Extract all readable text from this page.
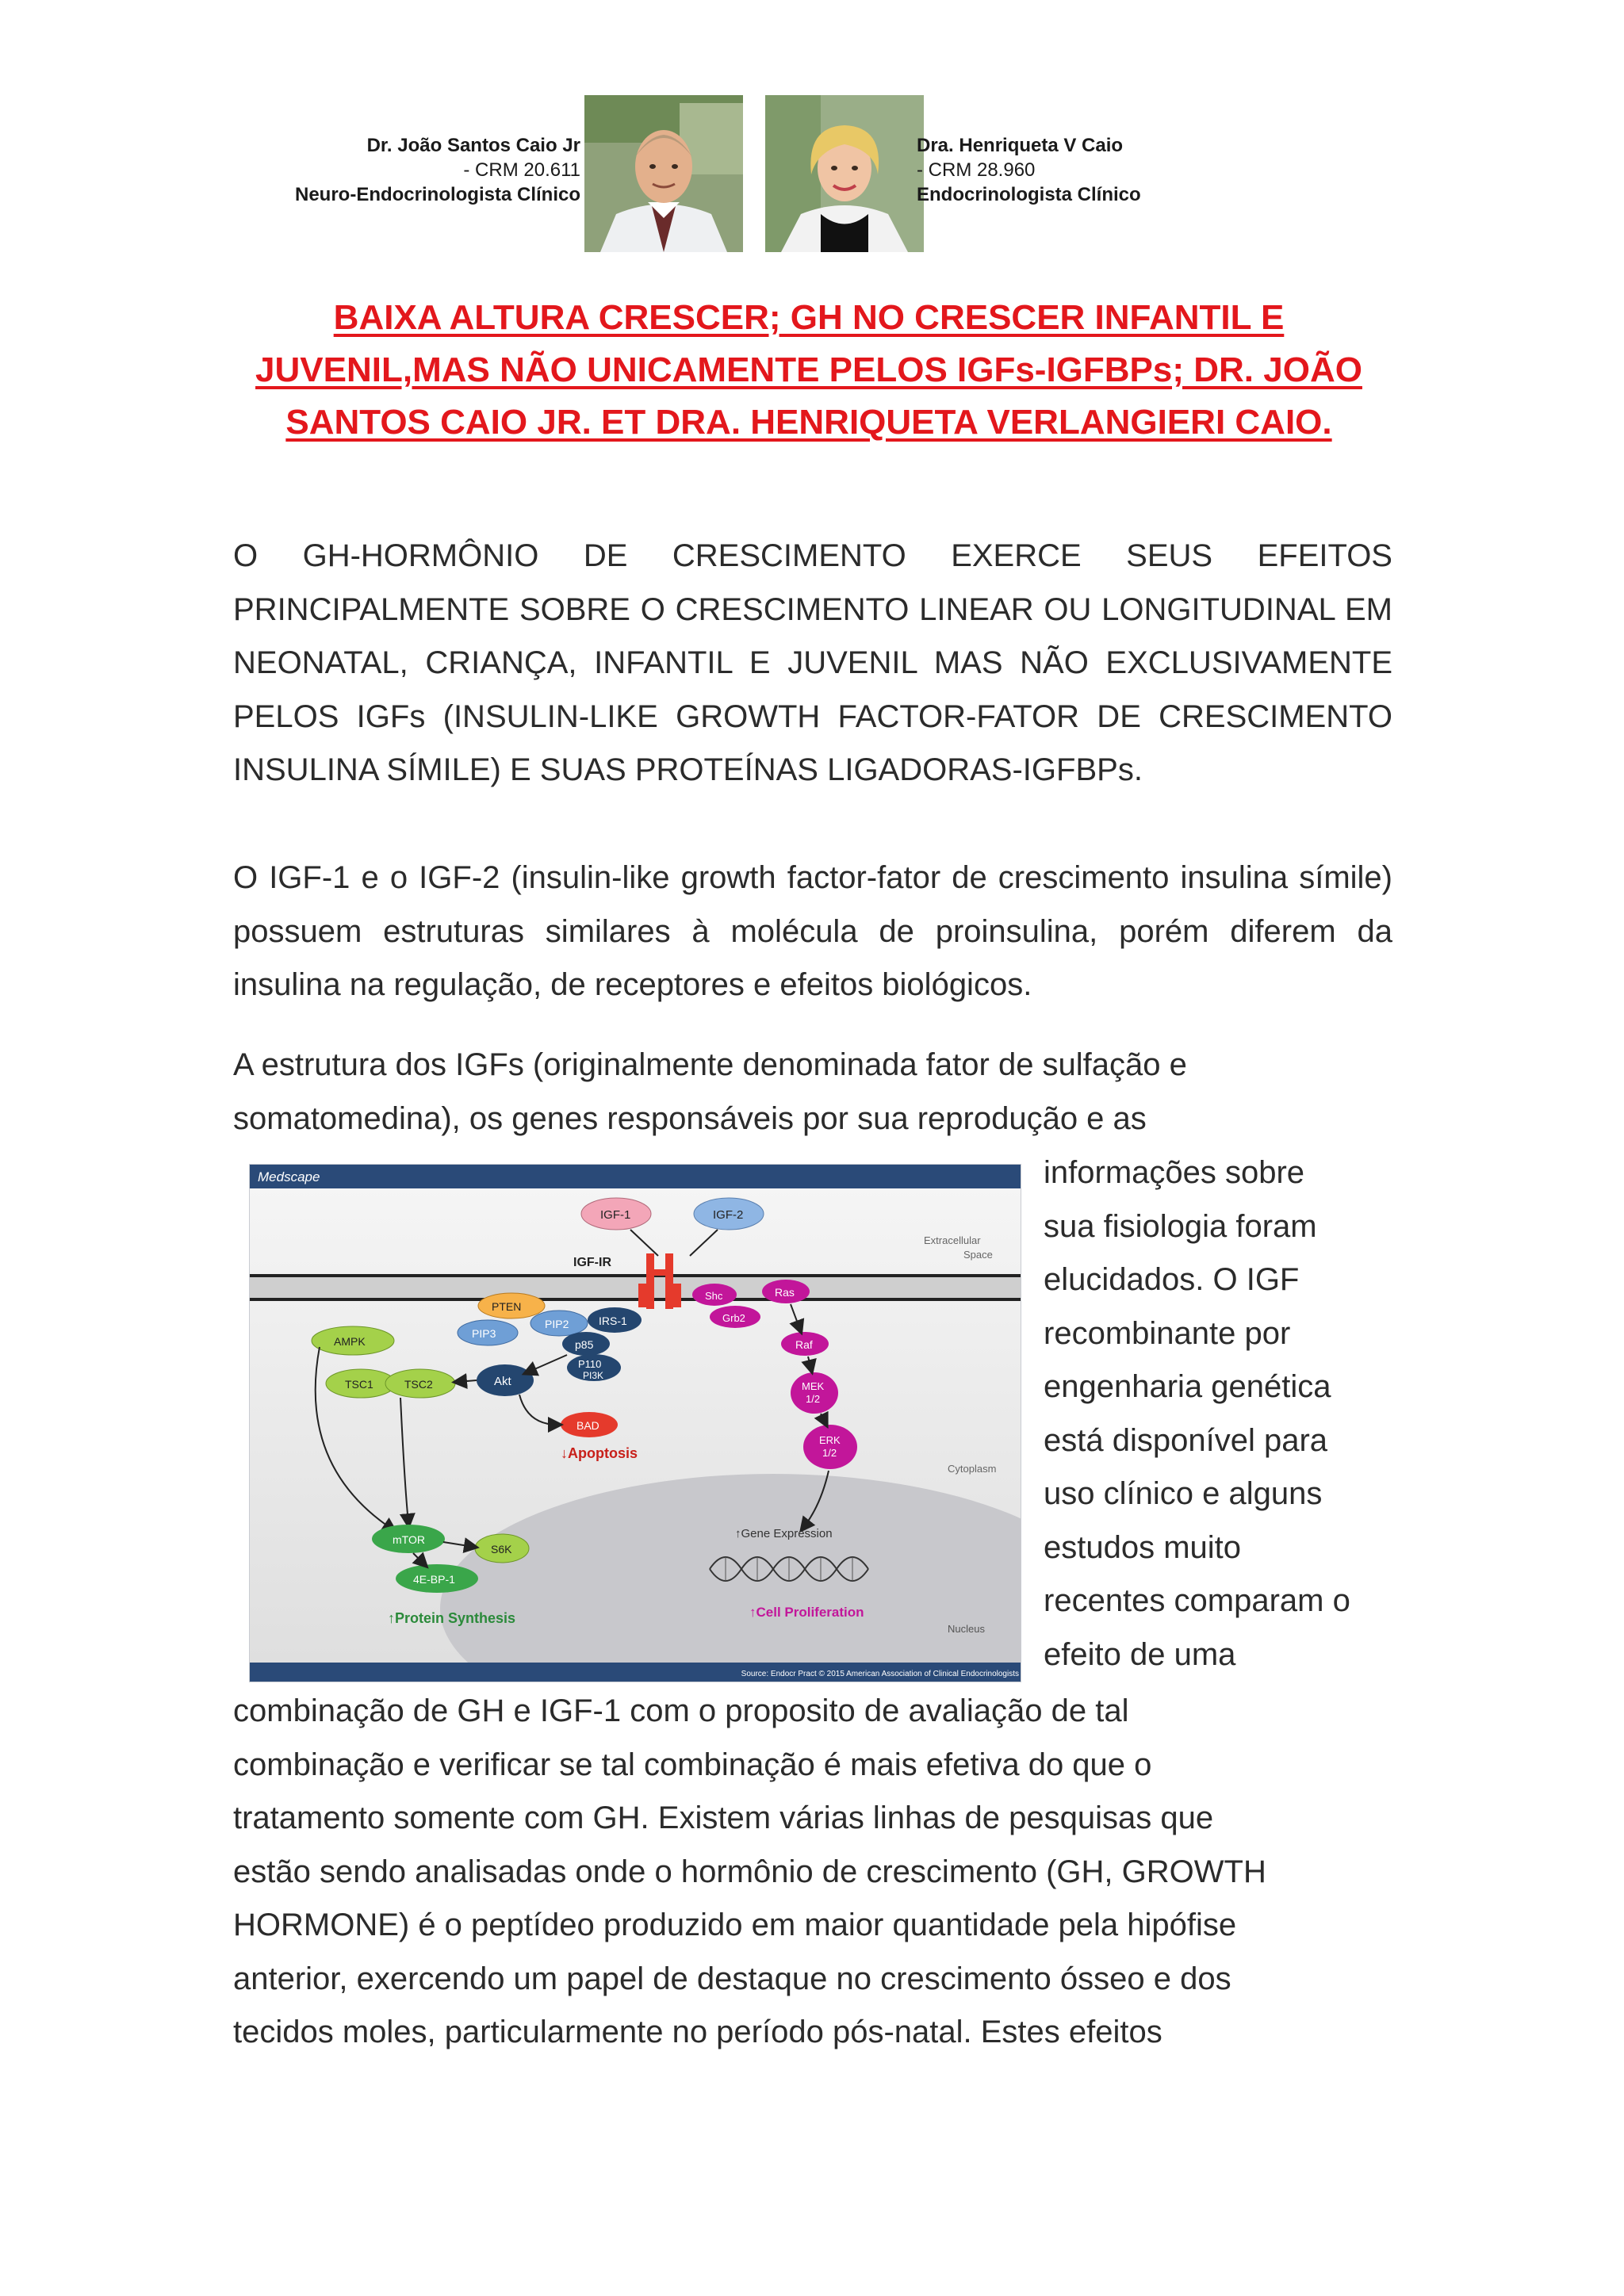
Dr. João Santos Caio Jr
- CRM 20.611
Neuro-Endocrinologista Clínico
Dra. Henriqueta V Caio
- CRM 28.960
Endocrinologista Clínico
BAIXA ALTURA CRESCER; GH NO CRESCER INFANTIL E
JUVENIL,MAS NÃO UNICAMENTE PELOS IGFs-IGFBPs; DR. JOÃO
SANTOS CAIO JR. ET DRA. HENRIQUETA VERLANGIERI CAIO.
O GH-HORMÔNIO DE CRESCIMENTO EXERCE SEUS EFEITOS PRINCIPALMENTE SOBRE O CRESCIMENTO LINEAR OU LONGITUDINAL EM NEONATAL, CRIANÇA, INFANTIL E JUVENIL MAS NÃO EXCLUSIVAMENTE PELOS IGFs (INSULIN-LIKE GROWTH FACTOR-FATOR DE CRESCIMENTO INSULINA SÍMILE) E SUAS PROTEÍNAS LIGADORAS-IGFBPs.
O IGF-1 e o IGF-2 (insulin-like growth factor-fator de crescimento insulina símile) possuem estruturas similares à molécula de proinsulina, porém diferem da insulina na regulação, de receptores e efeitos biológicos.
A estrutura dos IGFs (originalmente denominada fator de sulfação e
somatomedina), os genes responsáveis por sua reprodução e as
Medscape
IGF-1	IGF-2
IGF-IR
Extracellular
Space
PTEN
PIP3
PIP2	IRS-1
p85
P110
PI3K
Akt
BAD
↓Apoptosis
AMPK
TSC1	TSC2
mTOR
S6K
4E-BP-1
↑Protein Synthesis
Shc
Grb2
Ras
Raf
MEK
1/2
ERK
1/2
Cytoplasm
↑Gene Expression
↑Cell Proliferation
Nucleus
Source: Endocr Pract © 2015 American Association of Clinical Endocrinologists
informações sobre
sua fisiologia foram
elucidados. O IGF
recombinante por
engenharia genética
está disponível para
uso clínico e alguns
estudos muito
recentes comparam o
efeito de uma
combinação de GH e IGF-1 com o proposito de avaliação de tal
combinação e verificar se tal combinação é mais efetiva do que o
tratamento somente com GH. Existem várias linhas de pesquisas que
estão sendo analisadas onde o hormônio de crescimento (GH, GROWTH
HORMONE) é o peptídeo produzido em maior quantidade pela hipófise
anterior, exercendo um papel de destaque no crescimento ósseo e dos
tecidos moles, particularmente no período pós-natal. Estes efeitos
